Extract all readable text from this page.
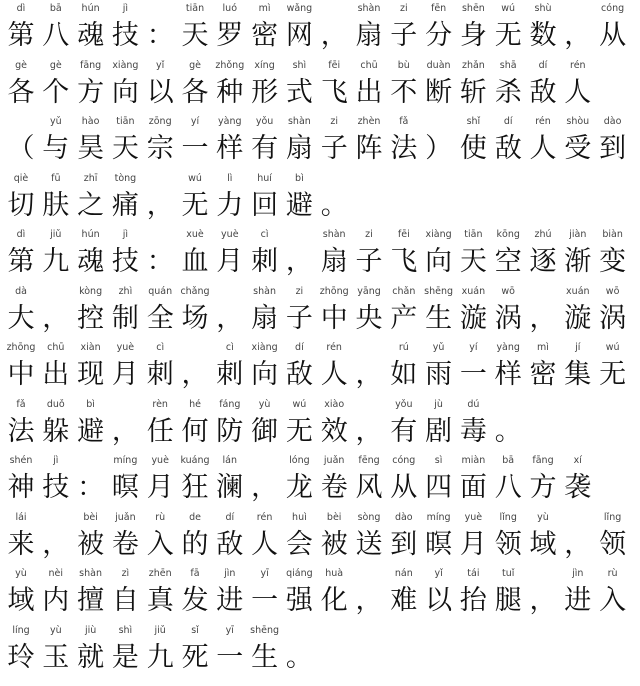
dì
第
bā
八
hún
魂
jì
技 ：
tiān
天
luó
罗
mì
密
wǎng
网 ，
shàn
扇
zi
子
fēn
分
shēn
身
wú
无
shù
数 ，
cóng
从
gè
各
gè
个
fāng
方
xiàng
向
yǐ
以
gè
各
zhǒng
种
xíng
形
shì
式
fēi
飞
chū
出
bù
不
duàn
断
zhǎn
斩
shā
杀
dí
敌
rén
人
（
yǔ
与
hào
昊
tiān
天
zōng
宗
yí
一
yàng
样
yǒu
有
shàn
扇
zi
子
zhèn
阵
fǎ
法 ）
shǐ
使
dí
敌
rén
人
shòu
受
dào
到
qiè
切
fū
肤
zhī
之
tòng
痛 ，
wú
无
lì
力
huí
回
bì
避 。
dì
第
jiǔ
九
hún
魂
jì
技 ：
xuè
血
yuè
月
cì
刺 ，
shàn
扇
zi
子
fēi
飞
xiàng
向
tiān
天
kōng
空
zhú
逐
jiàn
渐
biàn
变
dà
大 ，
kòng
控
zhì
制
quán
全
chǎng
场 ，
shàn
扇
zi
子
zhōng
中
yāng
央
chǎn
产
shēng
生
xuán
漩
wō
涡 ，
xuán
漩
wō
涡
zhōng
中
chū
出
xiàn
现
yuè
月
cì
刺 ，
cì
刺
xiàng
向
dí
敌
rén
人 ，
rú
如
yǔ
雨
yí
一
yàng
样
mì
密
jí
集
wú
无
fǎ
法
duǒ
躲
bì
避 ，
rèn
任
hé
何
fáng
防
yù
御
wú
无
xiào
效 ，
yǒu
有
jù
剧
dú
毒 。
shén
神
jì
技 ：
míng
暝
yuè
月
kuáng
狂
lán
澜 ，
lóng
龙
juǎn
卷
fēng
风
cóng
从
sì
四
miàn
面
bā
八
fāng
方
xí
袭
lái
来 ，
bèi
被
juǎn
卷
rù
入
de
的
dí
敌
rén
人
huì
会
bèi
被
sòng
送
dào
到
míng
暝
yuè
月
lǐng
领
yù
域 ，
lǐng
领
yù
域
nèi
内
shàn
擅
zì
自
zhēn
真
fā
发
jìn
进
yī
一
qiáng
强
huà
化 ，
nán
难
yǐ
以
tái
抬
tuǐ
腿 ，
jìn
进
rù
入
líng
玲
yù
玉
jiù
就
shì
是
jiǔ
九
sǐ
死
yī
一
shēng
生 。
